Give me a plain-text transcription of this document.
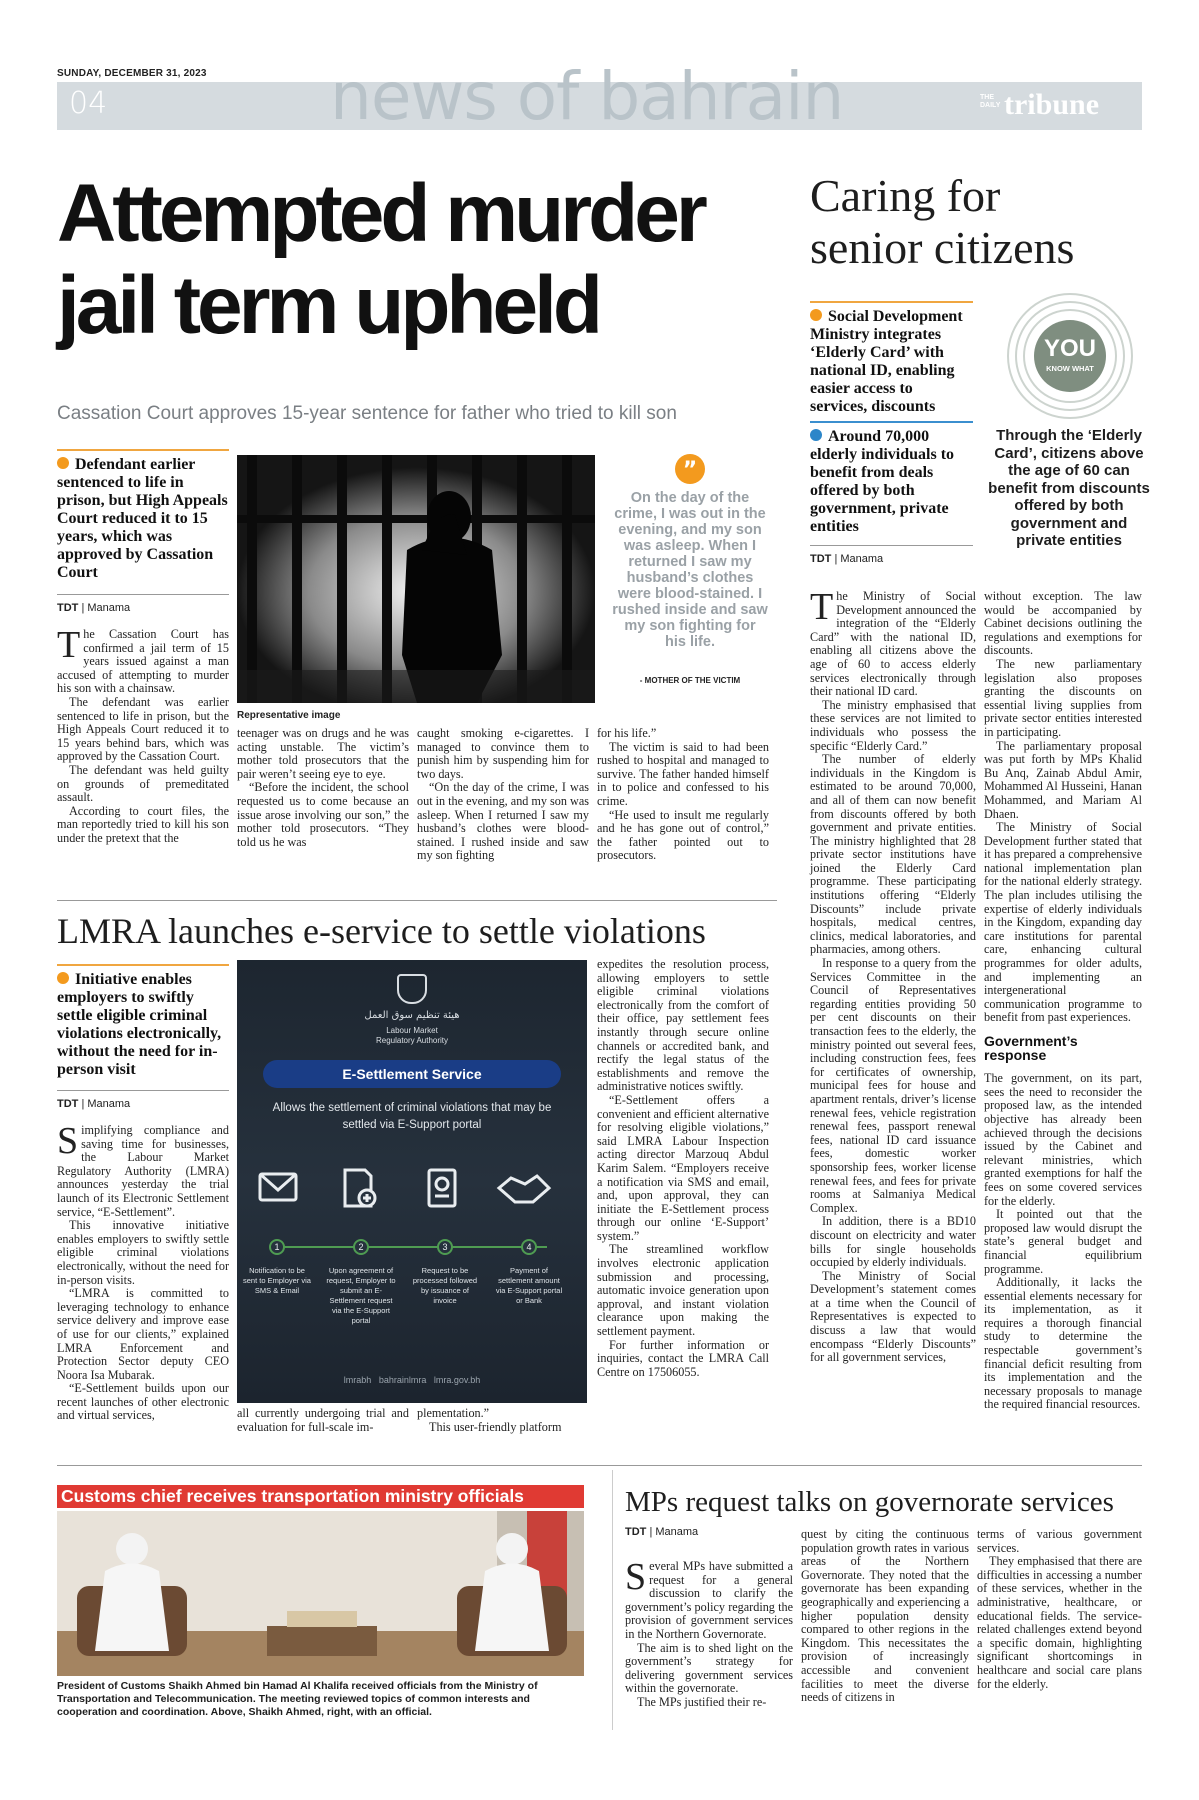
SUNDAY, DECEMBER 31, 2023
04	news of bahrain	THE DAILY tribune
Attempted murder
jail term upheld
Cassation Court approves 15-year sentence for father who tried to kill son
Defendant earlier sentenced to life in prison, but High Appeals Court reduced it to 15 years, which was approved by Cassation Court
TDT | Manama

The Cassation Court has confirmed a jail term of 15 years issued against a man accused of attempting to murder his son with a chainsaw.

The defendant was earlier sentenced to life in prison, but the High Appeals Court reduced it to 15 years behind bars, which was approved by the Cassation Court.

The defendant was held guilty on grounds of premeditated assault.

According to court files, the man reportedly tried to kill his son under the pretext that the

Representative image
”
On the day of the crime, I was out in the evening, and my son was asleep. When I returned I saw my husband’s clothes were blood-stained. I rushed inside and saw my son fighting for his life.
- MOTHER OF THE VICTIM

teenager was on drugs and he was acting unstable. The victim’s mother told prosecutors that the pair weren’t seeing eye to eye.

“Before the incident, the school requested us to come because an issue arose involving our son,” the mother told prosecutors. “They told us he was

caught smoking e-cigarettes. I managed to convince them to punish him by suspending him for two days.

“On the day of the crime, I was out in the evening, and my son was asleep. When I returned I saw my husband’s clothes were blood-stained. I rushed inside and saw my son fighting

for his life.”

The victim is said to had been rushed to hospital and managed to survive. The father handed himself in to police and confessed to his crime.

“He used to insult me regularly and he has gone out of control,” the father pointed out to prosecutors.

Caring for
senior citizens
Social Development Ministry integrates ‘Elderly Card’ with national ID, enabling easier access to services, discounts
Around 70,000 elderly individuals to benefit from deals offered by both government, private entities
TDT | Manama
YOU
KNOW WHAT
Through the ‘Elderly Card’, citizens above the age of 60 can benefit from discounts offered by both government and private entities

The Ministry of Social Development announced the integration of the “Elderly Card” with the national ID, enabling all citizens above the age of 60 to access elderly services electronically through their national ID card.

The ministry emphasised that these services are not limited to individuals who possess the specific “Elderly Card.”

The number of elderly individuals in the Kingdom is estimated to be around 70,000, and all of them can now benefit from discounts offered by both government and private entities. The ministry highlighted that 28 private sector institutions have joined the Elderly Card programme. These participating institutions offering “Elderly Discounts” include private hospitals, medical centres, clinics, medical laboratories, and pharmacies, among others.

In response to a query from the Services Committee in the Council of Representatives regarding entities providing 50 per cent discounts on their transaction fees to the elderly, the ministry pointed out several fees, including construction fees, fees for certificates of ownership, municipal fees for house and apartment rentals, driver’s license renewal fees, vehicle registration renewal fees, passport renewal fees, national ID card issuance fees, domestic worker sponsorship fees, worker license renewal fees, and fees for private rooms at Salmaniya Medical Complex.

In addition, there is a BD10 discount on electricity and water bills for single households occupied by elderly individuals.

The Ministry of Social Development’s statement comes at a time when the Council of Representatives is expected to discuss a law that would encompass “Elderly Discounts” for all government services,

without exception. The law would be accompanied by Cabinet decisions outlining the regulations and exemptions for discounts.

The new parliamentary legislation also proposes granting the discounts on essential living supplies from private sector entities interested in participating.

The parliamentary proposal was put forth by MPs Khalid Bu Anq, Zainab Abdul Amir, Mohammed Al Husseini, Hanan Mohammed, and Mariam Al Dhaen.

The Ministry of Social Development further stated that it has prepared a comprehensive national implementation plan for the national elderly strategy. The plan includes utilising the expertise of elderly individuals in the Kingdom, expanding day care institutions for parental care, enhancing cultural programmes for older adults, and implementing an intergenerational communication programme to benefit from past experiences.

Government’s response

The government, on its part, sees the need to reconsider the proposed law, as the intended objective has already been achieved through the decisions issued by the Cabinet and relevant ministries, which granted exemptions for half the fees on some covered services for the elderly.

It pointed out that the proposed law would disrupt the state’s general budget and financial equilibrium programme.

Additionally, it lacks the essential elements necessary for its implementation, as it requires a thorough financial study to determine the respectable government’s financial deficit resulting from its implementation and the necessary proposals to manage the required financial resources.

LMRA launches e-service to settle violations
Initiative enables employers to swiftly settle eligible criminal violations electronically, without the need for in-person visit
TDT | Manama

Simplifying compliance and saving time for businesses, the Labour Market Regulatory Authority (LMRA) announces yesterday the trial launch of its Electronic Settlement service, “E-Settlement”.

This innovative initiative enables employers to swiftly settle eligible criminal violations electronically, without the need for in-person visits.

“LMRA is committed to leveraging technology to enhance service delivery and improve ease of use for our clients,” explained LMRA Enforcement and Protection Sector deputy CEO Noora Isa Mubarak.

“E-Settlement builds upon our recent launches of other electronic and virtual services,

هيئة تنظيم سوق العمل
Labour Market
Regulatory Authority
E-Settlement Service
Allows the settlement of criminal violations that may be settled via E-Support portal
1
Notification to be sent to Employer via SMS & Email
2
Upon agreement of request, Employer to submit an E-Settlement request via the E-Support portal
3
Request to be processed followed by issuance of invoice
4
Payment of settlement amount via E-Support portal or Bank
lmrabh bahrainlmra lmra.gov.bh

all currently undergoing trial and evaluation for full-scale im-

plementation.”

This user-friendly platform

expedites the resolution process, allowing employers to settle eligible criminal violations electronically from the comfort of their office, pay settlement fees instantly through secure online channels or accredited bank, and rectify the legal status of the establishments and remove the administrative notices swiftly.

“E-Settlement offers a convenient and efficient alternative for resolving eligible violations,” said LMRA Labour Inspection acting director Marzouq Abdul Karim Salem. “Employers receive a notification via SMS and email, and, upon approval, they can initiate the E-Settlement process through our online ‘E-Support’ system.”

The streamlined workflow involves electronic application submission and processing, automatic invoice generation upon approval, and instant violation clearance upon making the settlement payment.

For further information or inquiries, contact the LMRA Call Centre on 17506055.

Customs chief receives transportation ministry officials
President of Customs Shaikh Ahmed bin Hamad Al Khalifa received officials from the Ministry of Transportation and Telecommunication. The meeting reviewed topics of common interests and cooperation and coordination. Above, Shaikh Ahmed, right, with an official.
MPs request talks on governorate services
TDT | Manama

Several MPs have submitted a request for a general discussion to clarify the government’s policy regarding the provision of government services in the Northern Governorate.

The aim is to shed light on the government’s strategy for delivering government services within the governorate.

The MPs justified their re-

quest by citing the continuous population growth rates in various areas of the Northern Governorate. They noted that the governorate has been expanding geographically and experiencing a higher population density compared to other regions in the Kingdom. This necessitates the provision of increasingly accessible and convenient facilities to meet the diverse needs of citizens in

terms of various government services.

They emphasised that there are difficulties in accessing a number of these services, whether in the administrative, healthcare, or educational fields. The service-related challenges extend beyond a specific domain, highlighting significant shortcomings in healthcare and social care plans for the elderly.
